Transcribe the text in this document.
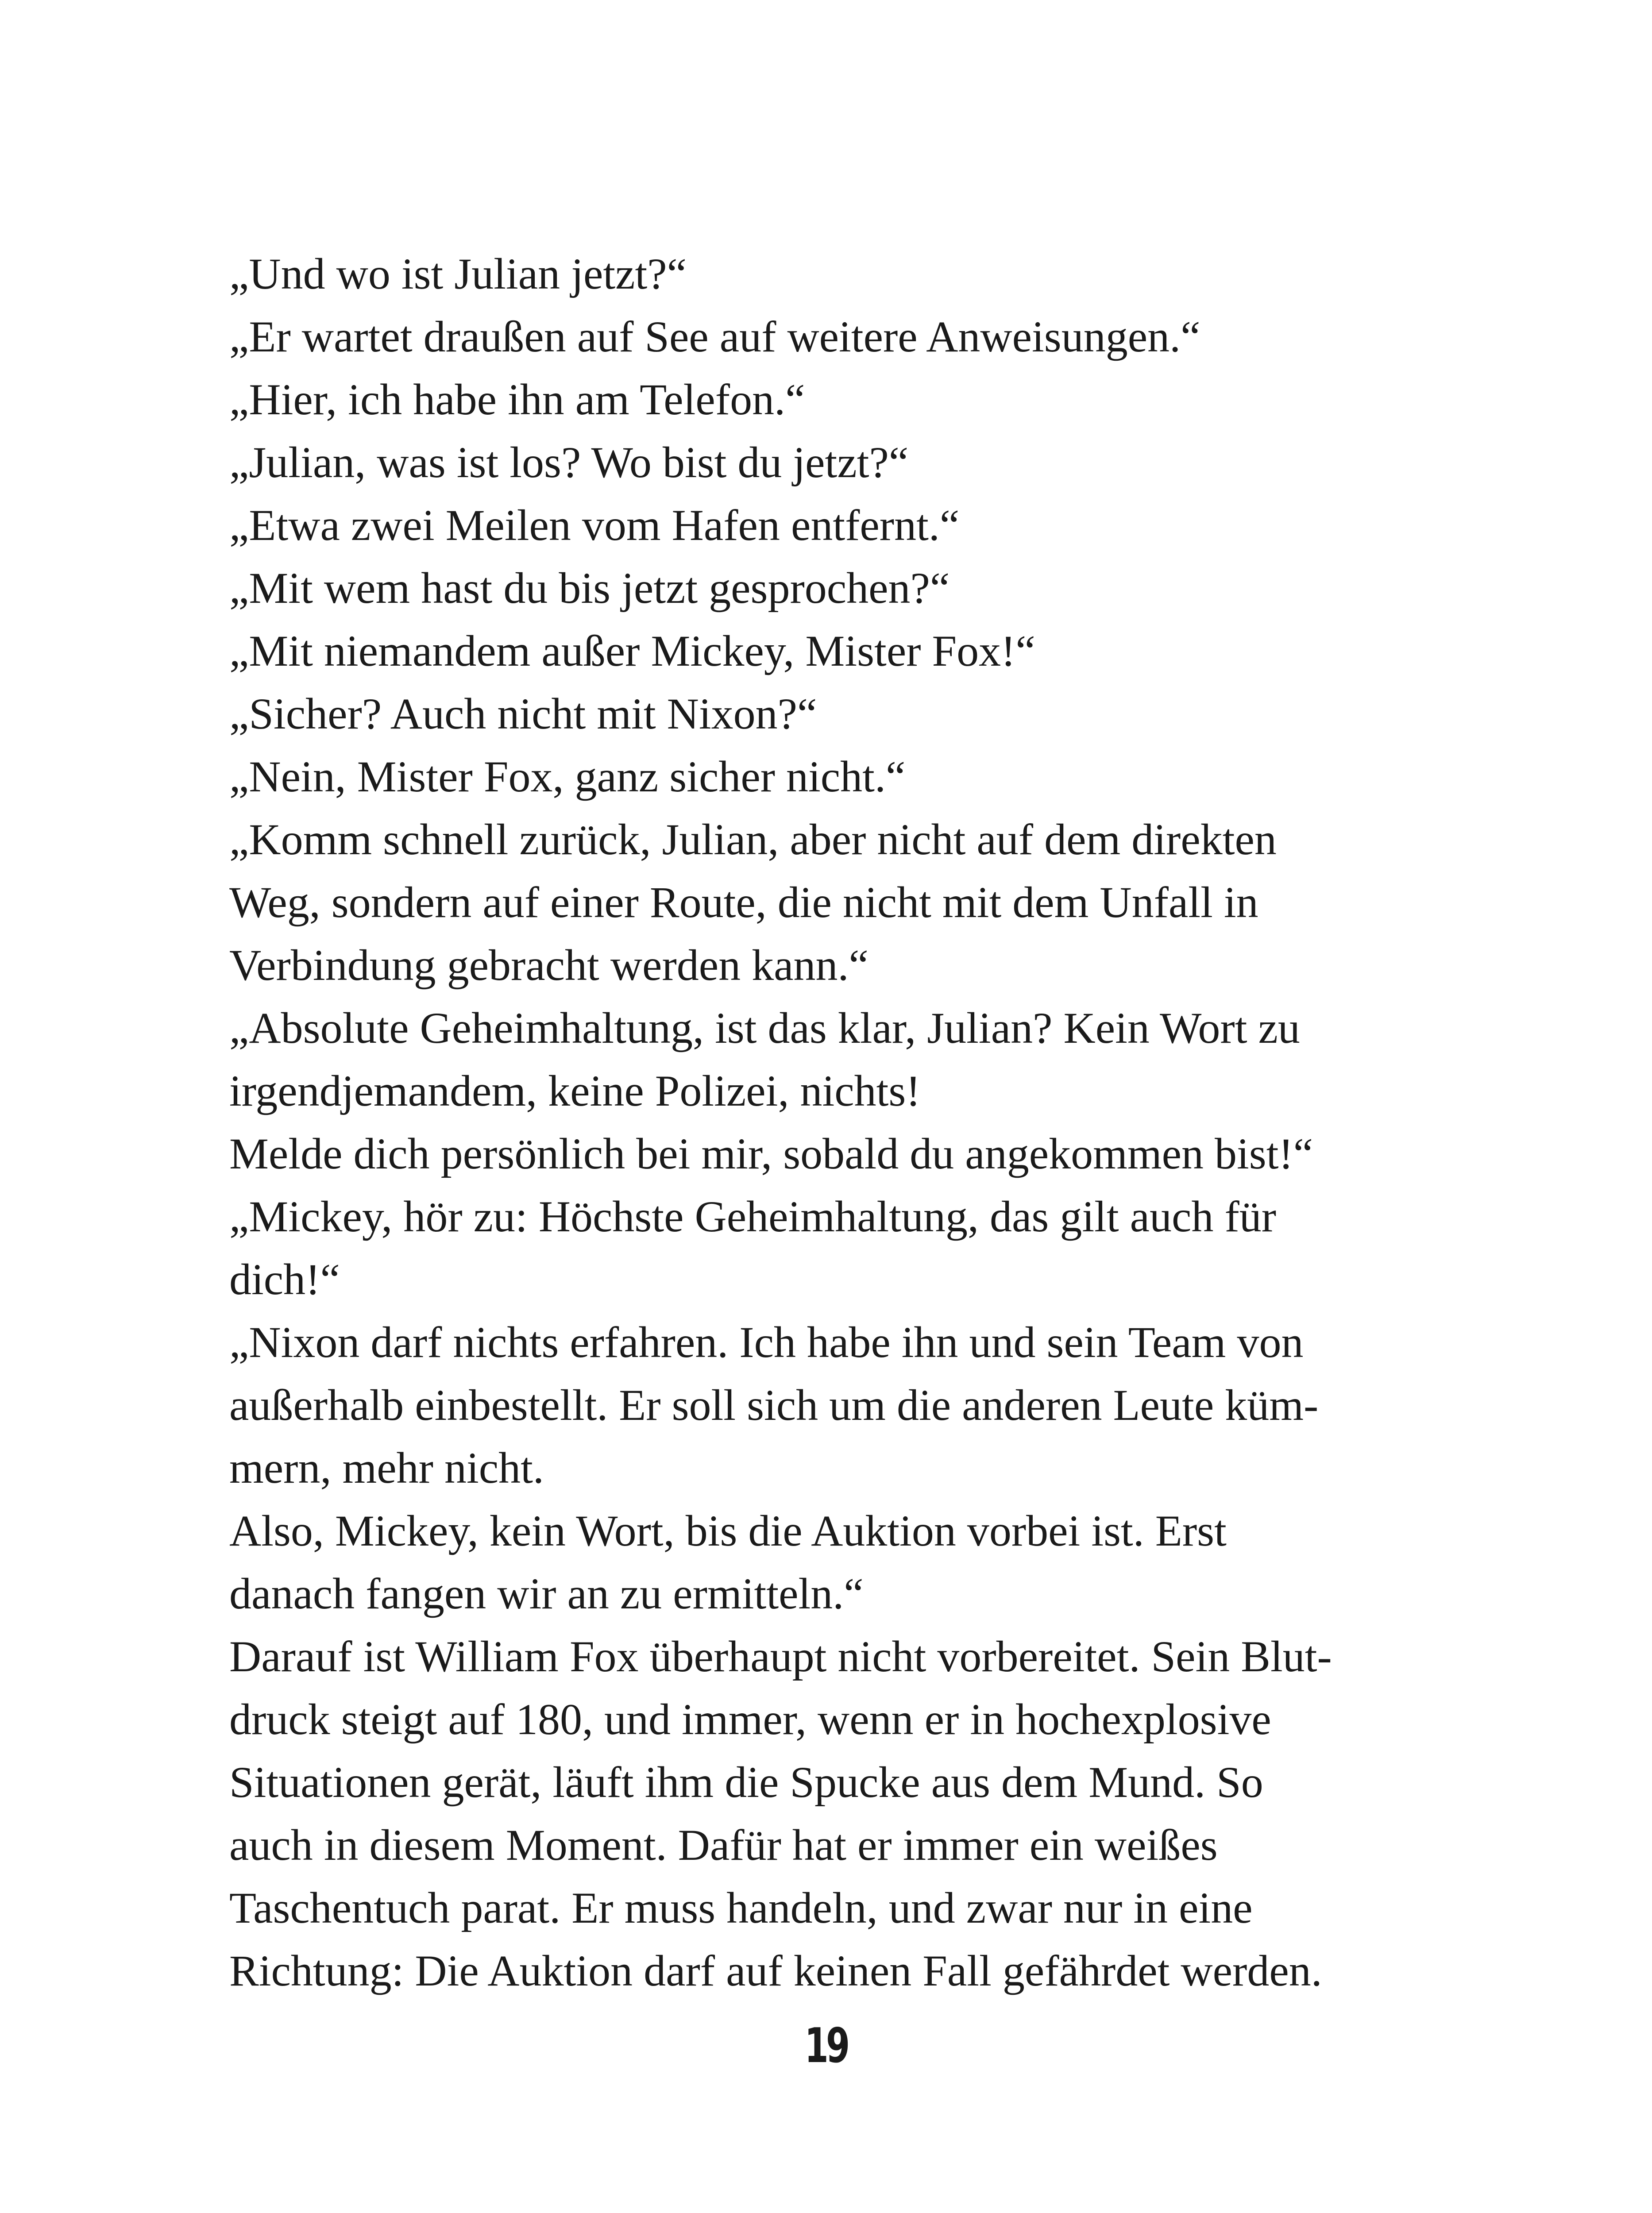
„Und wo ist Julian jetzt?“
„Er wartet draußen auf See auf weitere Anweisungen.“
„Hier, ich habe ihn am Telefon.“
„Julian, was ist los? Wo bist du jetzt?“
„Etwa zwei Meilen vom Hafen entfernt.“
„Mit wem hast du bis jetzt gesprochen?“
„Mit niemandem außer Mickey, Mister Fox!“
„Sicher? Auch nicht mit Nixon?“
„Nein, Mister Fox, ganz sicher nicht.“
„Komm schnell zurück, Julian, aber nicht auf dem direkten
Weg, sondern auf einer Route, die nicht mit dem Unfall in
Verbindung gebracht werden kann.“
„Absolute Geheimhaltung, ist das klar, Julian? Kein Wort zu
irgendjemandem, keine Polizei, nichts!
Melde dich persönlich bei mir, sobald du angekommen bist!“
„Mickey, hör zu: Höchste Geheimhaltung, das gilt auch für
dich!“
„Nixon darf nichts erfahren. Ich habe ihn und sein Team von
außerhalb einbestellt. Er soll sich um die anderen Leute küm-
mern, mehr nicht.
Also, Mickey, kein Wort, bis die Auktion vorbei ist. Erst
danach fangen wir an zu ermitteln.“
Darauf ist William Fox überhaupt nicht vorbereitet. Sein Blut-
druck steigt auf 180, und immer, wenn er in hochexplosive
Situationen gerät, läuft ihm die Spucke aus dem Mund. So
auch in diesem Moment. Dafür hat er immer ein weißes
Taschentuch parat. Er muss handeln, und zwar nur in eine
Richtung: Die Auktion darf auf keinen Fall gefährdet werden.
19
